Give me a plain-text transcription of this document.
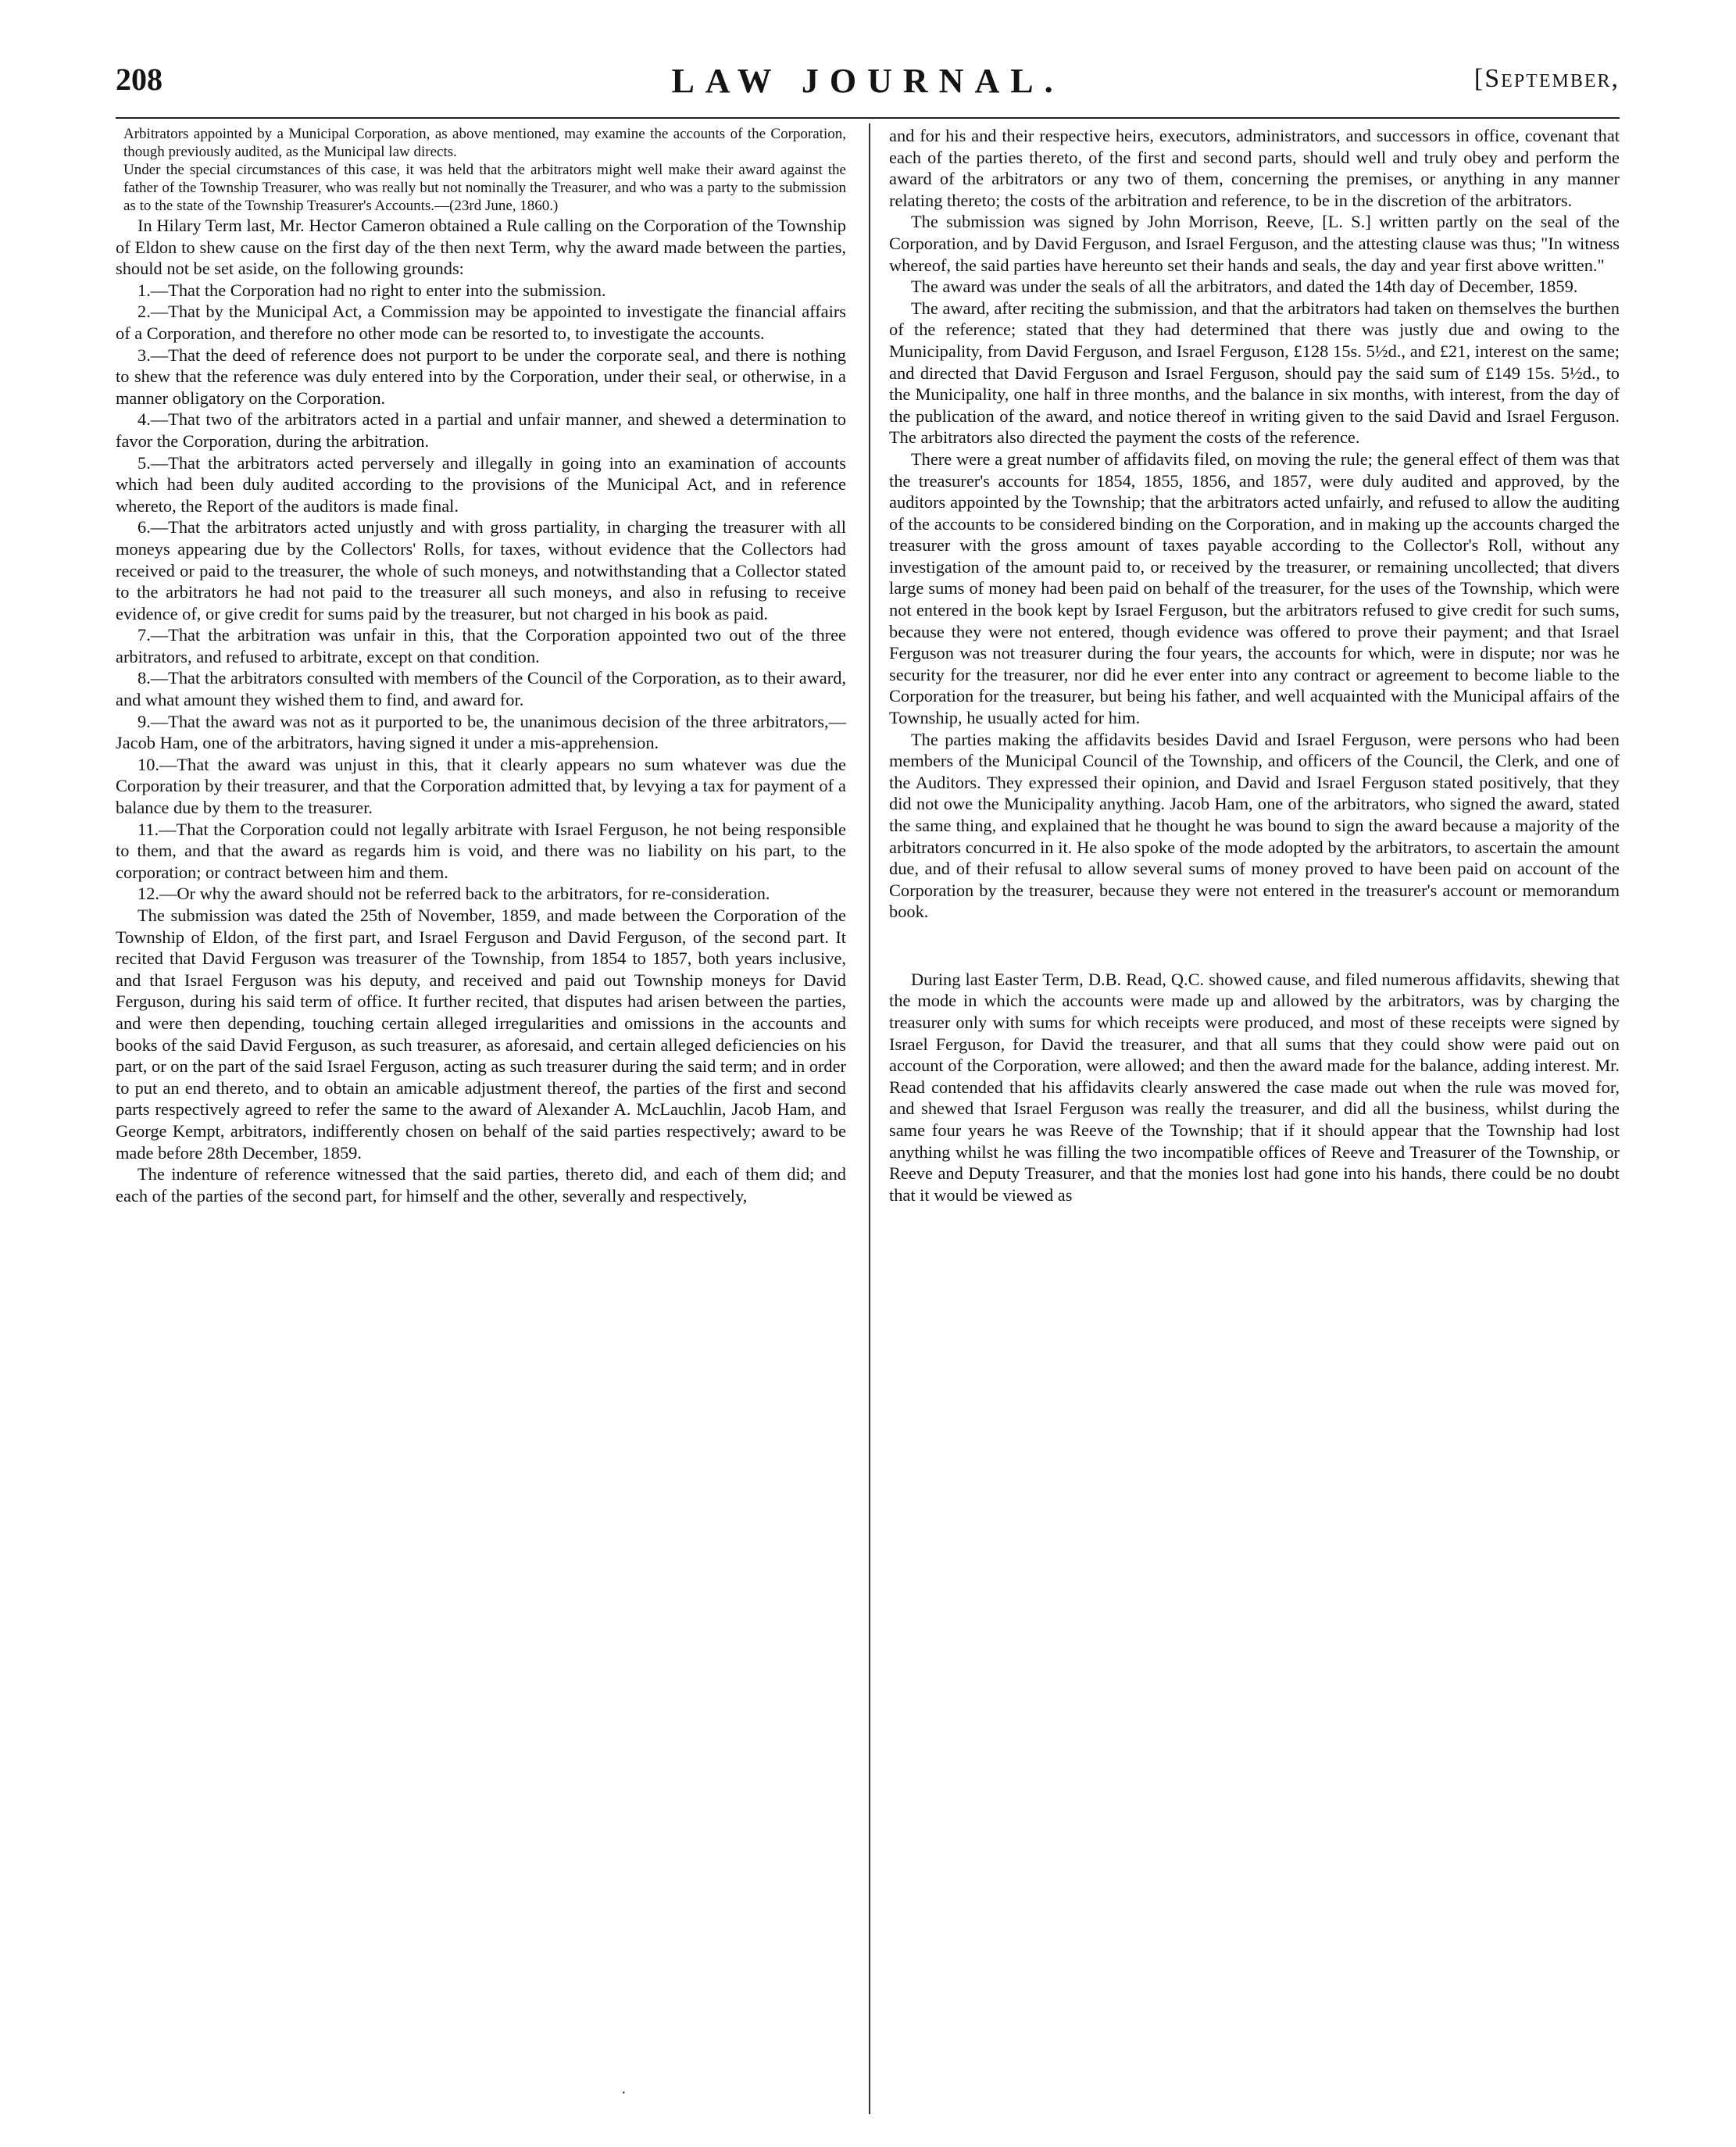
208	LAW JOURNAL.	[September,

Arbitrators appointed by a Municipal Corporation, as above mentioned, may examine the accounts of the Corporation, though previously audited, as the Municipal law directs.

Under the special circumstances of this case, it was held that the arbitrators might well make their award against the father of the Township Treasurer, who was really but not nominally the Treasurer, and who was a party to the submission as to the state of the Township Treasurer's Accounts.—(23rd June, 1860.)

In Hilary Term last, Mr. Hector Cameron obtained a Rule calling on the Corporation of the Township of Eldon to shew cause on the first day of the then next Term, why the award made between the parties, should not be set aside, on the following grounds:

1.—That the Corporation had no right to enter into the submission.

2.—That by the Municipal Act, a Commission may be appointed to investigate the financial affairs of a Corporation, and therefore no other mode can be resorted to, to investigate the accounts.

3.—That the deed of reference does not purport to be under the corporate seal, and there is nothing to shew that the reference was duly entered into by the Corporation, under their seal, or otherwise, in a manner obligatory on the Corporation.

4.—That two of the arbitrators acted in a partial and unfair manner, and shewed a determination to favor the Corporation, during the arbitration.

5.—That the arbitrators acted perversely and illegally in going into an examination of accounts which had been duly audited according to the provisions of the Municipal Act, and in reference whereto, the Report of the auditors is made final.

6.—That the arbitrators acted unjustly and with gross partiality, in charging the treasurer with all moneys appearing due by the Collectors' Rolls, for taxes, without evidence that the Collectors had received or paid to the treasurer, the whole of such moneys, and notwithstanding that a Collector stated to the arbitrators he had not paid to the treasurer all such moneys, and also in refusing to receive evidence of, or give credit for sums paid by the treasurer, but not charged in his book as paid.

7.—That the arbitration was unfair in this, that the Corporation appointed two out of the three arbitrators, and refused to arbitrate, except on that condition.

8.—That the arbitrators consulted with members of the Council of the Corporation, as to their award, and what amount they wished them to find, and award for.

9.—That the award was not as it purported to be, the unanimous decision of the three arbitrators,—Jacob Ham, one of the arbitrators, having signed it under a mis-apprehension.

10.—That the award was unjust in this, that it clearly appears no sum whatever was due the Corporation by their treasurer, and that the Corporation admitted that, by levying a tax for payment of a balance due by them to the treasurer.

11.—That the Corporation could not legally arbitrate with Israel Ferguson, he not being responsible to them, and that the award as regards him is void, and there was no liability on his part, to the corporation; or contract between him and them.

12.—Or why the award should not be referred back to the arbitrators, for re-consideration.

The submission was dated the 25th of November, 1859, and made between the Corporation of the Township of Eldon, of the first part, and Israel Ferguson and David Ferguson, of the second part. It recited that David Ferguson was treasurer of the Township, from 1854 to 1857, both years inclusive, and that Israel Ferguson was his deputy, and received and paid out Township moneys for David Ferguson, during his said term of office. It further recited, that disputes had arisen between the parties, and were then depending, touching certain alleged irregularities and omissions in the accounts and books of the said David Ferguson, as such treasurer, as aforesaid, and certain alleged deficiencies on his part, or on the part of the said Israel Ferguson, acting as such treasurer during the said term; and in order to put an end thereto, and to obtain an amicable adjustment thereof, the parties of the first and second parts respectively agreed to refer the same to the award of Alexander A. McLauchlin, Jacob Ham, and George Kempt, arbitrators, indifferently chosen on behalf of the said parties respectively; award to be made before 28th December, 1859.

The indenture of reference witnessed that the said parties, thereto did, and each of them did; and each of the parties of the second part, for himself and the other, severally and respectively,

and for his and their respective heirs, executors, administrators, and successors in office, covenant that each of the parties thereto, of the first and second parts, should well and truly obey and perform the award of the arbitrators or any two of them, concerning the premises, or anything in any manner relating thereto; the costs of the arbitration and reference, to be in the discretion of the arbitrators.

The submission was signed by John Morrison, Reeve, [L. S.] written partly on the seal of the Corporation, and by David Ferguson, and Israel Ferguson, and the attesting clause was thus; "In witness whereof, the said parties have hereunto set their hands and seals, the day and year first above written."

The award was under the seals of all the arbitrators, and dated the 14th day of December, 1859.

The award, after reciting the submission, and that the arbitrators had taken on themselves the burthen of the reference; stated that they had determined that there was justly due and owing to the Municipality, from David Ferguson, and Israel Ferguson, £128 15s. 5½d., and £21, interest on the same; and directed that David Ferguson and Israel Ferguson, should pay the said sum of £149 15s. 5½d., to the Municipality, one half in three months, and the balance in six months, with interest, from the day of the publication of the award, and notice thereof in writing given to the said David and Israel Ferguson. The arbitrators also directed the payment the costs of the reference.

There were a great number of affidavits filed, on moving the rule; the general effect of them was that the treasurer's accounts for 1854, 1855, 1856, and 1857, were duly audited and approved, by the auditors appointed by the Township; that the arbitrators acted unfairly, and refused to allow the auditing of the accounts to be considered binding on the Corporation, and in making up the accounts charged the treasurer with the gross amount of taxes payable according to the Collector's Roll, without any investigation of the amount paid to, or received by the treasurer, or remaining uncollected; that divers large sums of money had been paid on behalf of the treasurer, for the uses of the Township, which were not entered in the book kept by Israel Ferguson, but the arbitrators refused to give credit for such sums, because they were not entered, though evidence was offered to prove their payment; and that Israel Ferguson was not treasurer during the four years, the accounts for which, were in dispute; nor was he security for the treasurer, nor did he ever enter into any contract or agreement to become liable to the Corporation for the treasurer, but being his father, and well acquainted with the Municipal affairs of the Township, he usually acted for him.

The parties making the affidavits besides David and Israel Ferguson, were persons who had been members of the Municipal Council of the Township, and officers of the Council, the Clerk, and one of the Auditors. They expressed their opinion, and David and Israel Ferguson stated positively, that they did not owe the Municipality anything. Jacob Ham, one of the arbitrators, who signed the award, stated the same thing, and explained that he thought he was bound to sign the award because a majority of the arbitrators concurred in it. He also spoke of the mode adopted by the arbitrators, to ascertain the amount due, and of their refusal to allow several sums of money proved to have been paid on account of the Corporation by the treasurer, because they were not entered in the treasurer's account or memorandum book.

During last Easter Term, D.B. Read, Q.C. showed cause, and filed numerous affidavits, shewing that the mode in which the accounts were made up and allowed by the arbitrators, was by charging the treasurer only with sums for which receipts were produced, and most of these receipts were signed by Israel Ferguson, for David the treasurer, and that all sums that they could show were paid out on account of the Corporation, were allowed; and then the award made for the balance, adding interest. Mr. Read contended that his affidavits clearly answered the case made out when the rule was moved for, and shewed that Israel Ferguson was really the treasurer, and did all the business, whilst during the same four years he was Reeve of the Township; that if it should appear that the Township had lost anything whilst he was filling the two incompatible offices of Reeve and Treasurer of the Township, or Reeve and Deputy Treasurer, and that the monies lost had gone into his hands, there could be no doubt that it would be viewed as

·
